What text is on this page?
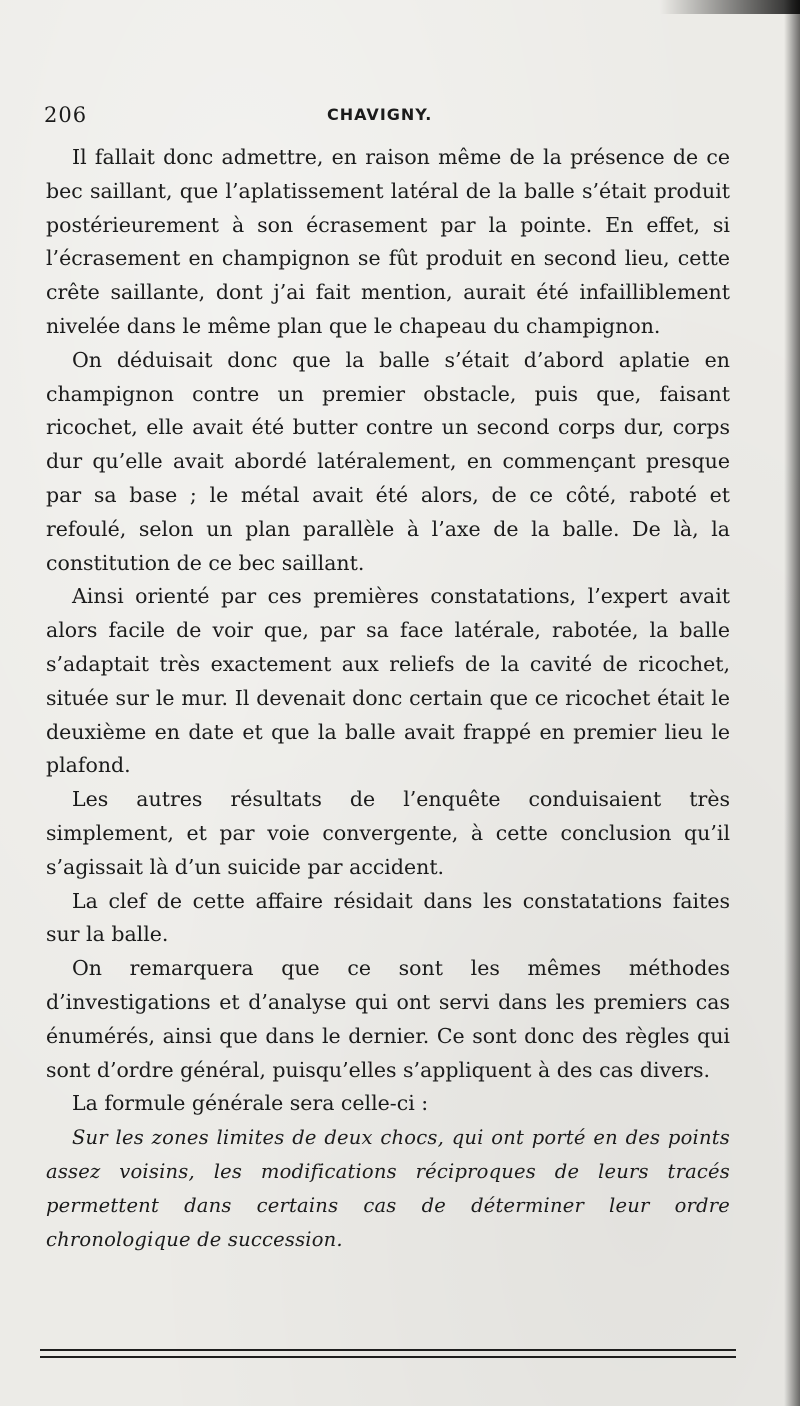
206	CHAVIGNY.

Il fallait donc admettre, en raison même de la présence de ce bec saillant, que l’aplatissement latéral de la balle s’était produit postérieurement à son écrasement par la pointe. En effet, si l’écrasement en champignon se fût produit en second lieu, cette crête saillante, dont j’ai fait mention, aurait été infailliblement nivelée dans le même plan que le chapeau du champignon.

On déduisait donc que la balle s’était d’abord aplatie en champignon contre un premier obstacle, puis que, faisant ricochet, elle avait été butter contre un second corps dur, corps dur qu’elle avait abordé latéralement, en commençant presque par sa base ; le métal avait été alors, de ce côté, raboté et refoulé, selon un plan parallèle à l’axe de la balle. De là, la constitution de ce bec saillant.

Ainsi orienté par ces premières constatations, l’expert avait alors facile de voir que, par sa face latérale, rabotée, la balle s’adaptait très exactement aux reliefs de la cavité de ricochet, située sur le mur. Il devenait donc certain que ce ricochet était le deuxième en date et que la balle avait frappé en premier lieu le plafond.

Les autres résultats de l’enquête conduisaient très simplement, et par voie convergente, à cette conclusion qu’il s’agissait là d’un suicide par accident.

La clef de cette affaire résidait dans les constatations faites sur la balle.

On remarquera que ce sont les mêmes méthodes d’investigations et d’analyse qui ont servi dans les premiers cas énumérés, ainsi que dans le dernier. Ce sont donc des règles qui sont d’ordre général, puisqu’elles s’appliquent à des cas divers.

La formule générale sera celle-ci :

Sur les zones limites de deux chocs, qui ont porté en des points assez voisins, les modifications réciproques de leurs tracés permettent dans certains cas de déterminer leur ordre chronologique de succession.
